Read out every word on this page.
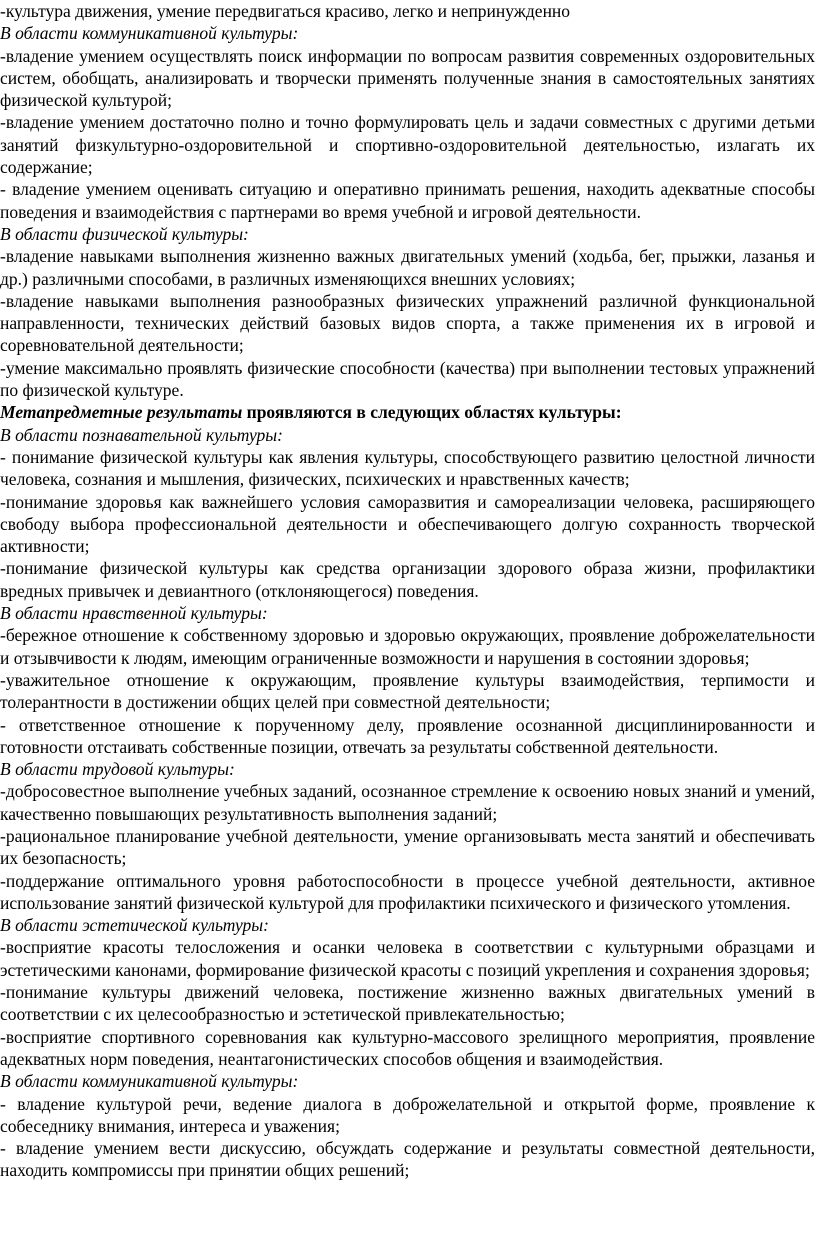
-культура движения, умение передвигаться красиво, легко и непринужденно

В области коммуникативной культуры:

-владение умением осуществлять поиск информации по вопросам развития современных оздоровительных систем, обобщать, анализировать и творчески применять полученные знания в самостоятельных занятиях физической культурой;

-владение умением достаточно полно и точно формулировать цель и задачи совместных с другими детьми занятий физкультурно-оздоровительной и спортивно-оздоровительной деятельностью, излагать их содержание;

- владение умением оценивать ситуацию и оперативно принимать решения, находить адекватные способы поведения и взаимодействия с партнерами во время учебной и игровой деятельности.

В области физической культуры:

-владение навыками выполнения жизненно важных двигательных умений (ходьба, бег, прыжки, лазанья и др.) различными способами, в различных изменяющихся внешних условиях;

-владение навыками выполнения разнообразных физических упражнений различной функциональной направленности, технических действий базовых видов спорта, а также применения их в игровой и соревновательной деятельности;

-умение максимально проявлять физические способности (качества) при выполнении тестовых упражнений по физической культуре.

Метапредметные результаты проявляются в следующих областях культуры:

В области познавательной культуры:

- понимание физической культуры как явления культуры, способствующего развитию целостной личности человека, сознания и мышления, физических, психических и нравственных качеств;

-понимание здоровья как важнейшего условия саморазвития и самореализации человека, расширяющего свободу выбора профессиональной деятельности и обеспечивающего долгую сохранность творческой активности;

-понимание физической культуры как средства организации здорового образа жизни, профилактики вредных привычек и девиантного (отклоняющегося) поведения.

В области нравственной культуры:

-бережное отношение к собственному здоровью и здоровью окружающих, проявление доброжелательности и отзывчивости к людям, имеющим ограниченные возможности и нарушения в состоянии здоровья;

-уважительное отношение к окружающим, проявление культуры взаимодействия, терпимости и толерантности в достижении общих целей при совместной деятельности;

- ответственное отношение к порученному делу, проявление осознанной дисциплинированности и готовности отстаивать собственные позиции, отвечать за результаты собственной деятельности.

В области трудовой культуры:

-добросовестное выполнение учебных заданий, осознанное стремление к освоению новых знаний и умений, качественно повышающих результативность выполнения заданий;

-рациональное планирование учебной деятельности, умение организовывать места занятий и обеспечивать их безопасность;

-поддержание оптимального уровня работоспособности в процессе учебной деятельности, активное использование занятий физической культурой для профилактики психического и физического утомления.

В области эстетической культуры:

-восприятие красоты телосложения и осанки человека в соответствии с культурными образцами и эстетическими канонами, формирование физической красоты с позиций укрепления и сохранения здоровья;

-понимание культуры движений человека, постижение жизненно важных двигательных умений в соответствии с их целесообразностью и эстетической привлекательностью;

-восприятие спортивного соревнования как культурно-массового зрелищного мероприятия, проявление адекватных норм поведения, неантагонистических способов общения и взаимодействия.

В области коммуникативной культуры:

- владение культурой речи, ведение диалога в доброжелательной и открытой форме, проявление к собеседнику внимания, интереса и уважения;

- владение умением вести дискуссию, обсуждать содержание и результаты совместной деятельности, находить компромиссы при принятии общих решений;
